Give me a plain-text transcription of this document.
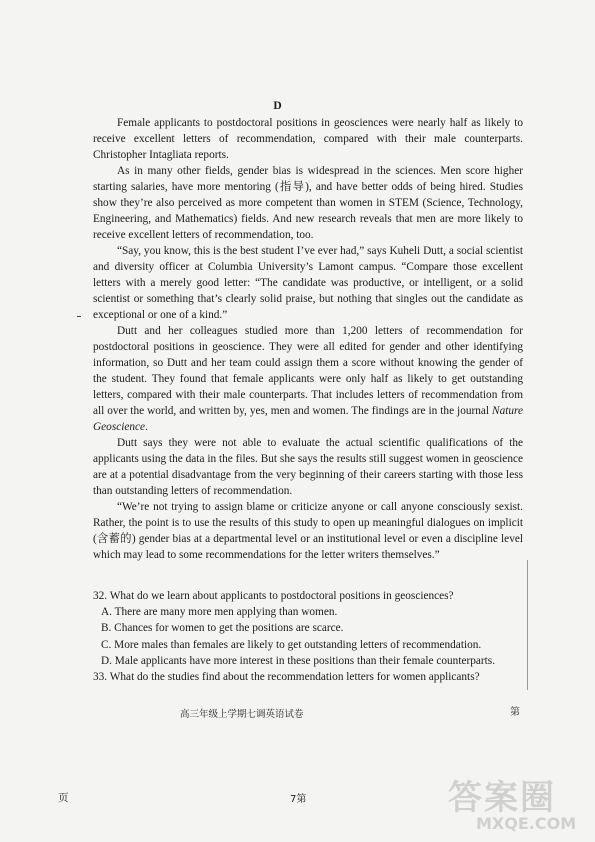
D

Female applicants to postdoctoral positions in geosciences were nearly half as likely to receive excellent letters of recommendation, compared with their male counterparts. Christopher Intagliata reports.

As in many other fields, gender bias is widespread in the sciences. Men score higher starting salaries, have more mentoring (指导), and have better odds of being hired. Studies show they’re also perceived as more competent than women in STEM (Science, Technology, Engineering, and Mathematics) fields. And new research reveals that men are more likely to receive excellent letters of recommendation, too.

“Say, you know, this is the best student I’ve ever had,” says Kuheli Dutt, a social scientist and diversity officer at Columbia University’s Lamont campus. “Compare those excellent letters with a merely good letter: “The candidate was productive, or intelligent, or a solid scientist or something that’s clearly solid praise, but nothing that singles out the candidate as exceptional or one of a kind.”

Dutt and her colleagues studied more than 1,200 letters of recommendation for postdoctoral positions in geoscience. They were all edited for gender and other identifying information, so Dutt and her team could assign them a score without knowing the gender of the student. They found that female applicants were only half as likely to get outstanding letters, compared with their male counterparts. That includes letters of recommendation from all over the world, and written by, yes, men and women. The findings are in the journal Nature Geoscience.

Dutt says they were not able to evaluate the actual scientific qualifications of the applicants using the data in the files. But she says the results still suggest women in geoscience are at a potential disadvantage from the very beginning of their careers starting with those less than outstanding letters of recommendation.

“We’re not trying to assign blame or criticize anyone or call anyone consciously sexist. Rather, the point is to use the results of this study to open up meaningful dialogues on implicit (含蓄的) gender bias at a departmental level or an institutional level or even a discipline level which may lead to some recommendations for the letter writers themselves.”

32. What do we learn about applicants to postdoctoral positions in geosciences?

A. There are many more men applying than women.

B. Chances for women to get the positions are scarce.

C. More males than females are likely to get outstanding letters of recommendation.

D. Male applicants have more interest in these positions than their female counterparts.

33. What do the studies find about the recommendation letters for women applicants?

高三年级上学期七调英语试卷	第
页	7第	答案圈
MXQE.COM
